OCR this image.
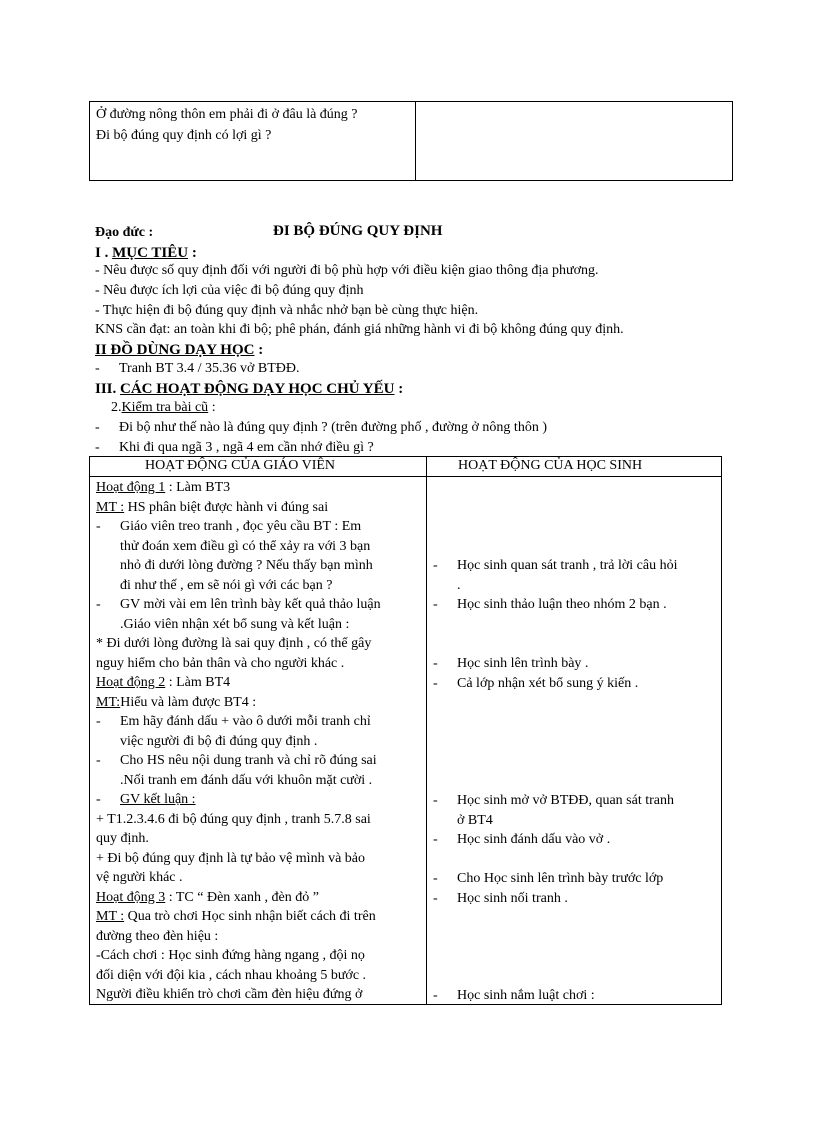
Ở đường nông thôn em phải đi ở đâu là đúng ?
Đi bộ đúng quy định có lợi gì ?
Đạo đức :	ĐI BỘ ĐÚNG QUY ĐỊNH
I . MỤC TIÊU :
- Nêu được số quy định đối với người đi bộ phù hợp với điều kiện giao thông địa phương.
- Nêu được ích lợi của việc đi bộ đúng quy định
- Thực hiện đi bộ đúng quy định và nhắc nhở bạn bè cùng thực hiện.
KNS cần đạt: an toàn khi đi bộ; phê phán, đánh giá những hành vi đi bộ không đúng quy định.
II ĐỒ DÙNG DẠY HỌC :
- Tranh BT 3.4 / 35.36 vở BTĐĐ.
III. CÁC HOẠT ĐỘNG DẠY HỌC CHỦ YẾU :
2.Kiểm tra bài cũ :
- Đi bộ như thế nào là đúng quy định ? (trên đường phố , đường ở nông thôn )
- Khi đi qua ngã 3 , ngã 4 em cần nhớ điều gì ?
HOẠT ĐỘNG CỦA GIÁO VIÊN	HOẠT ĐỘNG CỦA HỌC SINH
Hoạt động 1 : Làm BT3
MT : HS phân biệt được hành vi đúng sai
- Giáo viên treo tranh , đọc yêu cầu BT : Em
thử đoán xem điều gì có thể xảy ra với 3 bạn
nhỏ đi dưới lòng đường ? Nếu thấy bạn mình
đi như thế , em sẽ nói gì với các bạn ?
- GV mời vài em lên trình bày kết quả thảo luận
.Giáo viên nhận xét bổ sung và kết luận :
* Đi dưới lòng đường là sai quy định , có thể gây
nguy hiểm cho bản thân và cho người khác .
Hoạt động 2 : Làm BT4
MT:Hiểu và làm được BT4 :
- Em hãy đánh dấu + vào ô dưới mỗi tranh chỉ
việc người đi bộ đi đúng quy định .
- Cho HS nêu nội dung tranh và chỉ rõ đúng sai
.Nối tranh em đánh dấu với khuôn mặt cười .
- GV kết luận :
+ T1.2.3.4.6 đi bộ đúng quy định , tranh 5.7.8 sai
quy định.
+ Đi bộ đúng quy định là tự bảo vệ mình và bảo
vệ người khác .
Hoạt động 3 : TC “ Đèn xanh , đèn đỏ ”
MT : Qua trò chơi Học sinh nhận biết cách đi trên
đường theo đèn hiệu :
-Cách chơi : Học sinh đứng hàng ngang , đội nọ
đối diện với đội kia , cách nhau khoảng 5 bước .
Người điều khiển trò chơi cầm đèn hiệu đứng ở
- Học sinh quan sát tranh , trả lời câu hỏi
.
- Học sinh thảo luận theo nhóm 2 bạn .
- Học sinh lên trình bày .
- Cả lớp nhận xét bổ sung ý kiến .
- Học sinh mở vở BTĐĐ, quan sát tranh
ở BT4
- Học sinh đánh dấu vào vở .
- Cho Học sinh lên trình bày trước lớp
- Học sinh nối tranh .
- Học sinh nắm luật chơi :
